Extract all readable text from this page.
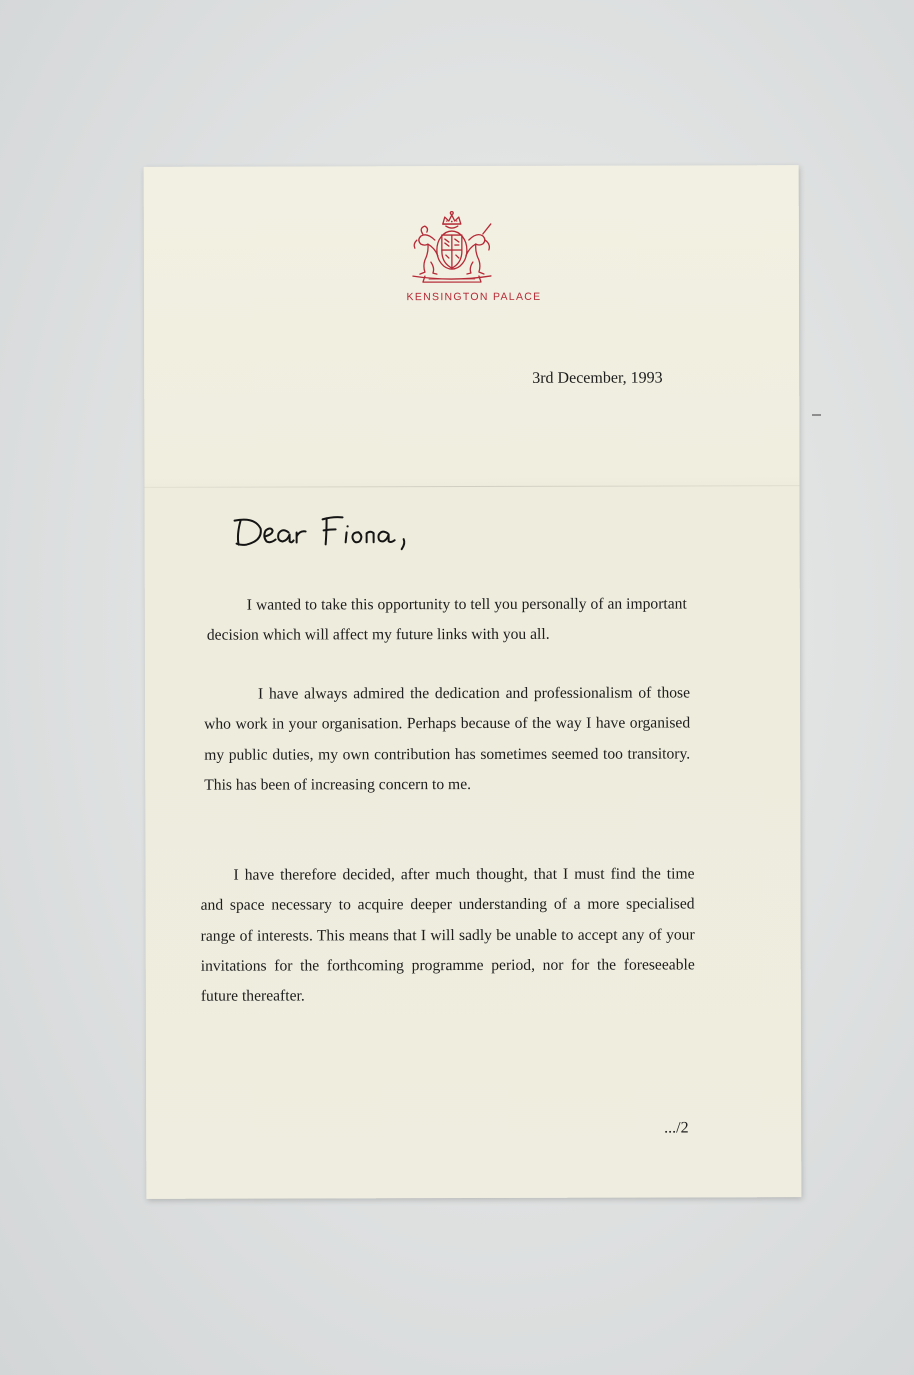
KENSINGTON PALACE
3rd December, 1993

I wanted to take this opportunity to tell you personally of an important decision which will affect my future links with you all.

I have always admired the dedication and professionalism of those who work in your organisation. Perhaps because of the way I have organised my public duties, my own contribution has sometimes seemed too transitory. This has been of increasing concern to me.

I have therefore decided, after much thought, that I must find the time and space necessary to acquire deeper understanding of a more specialised range of interests. This means that I will sadly be unable to accept any of your invitations for the forthcoming programme period, nor for the foreseeable future thereafter.

.../2
